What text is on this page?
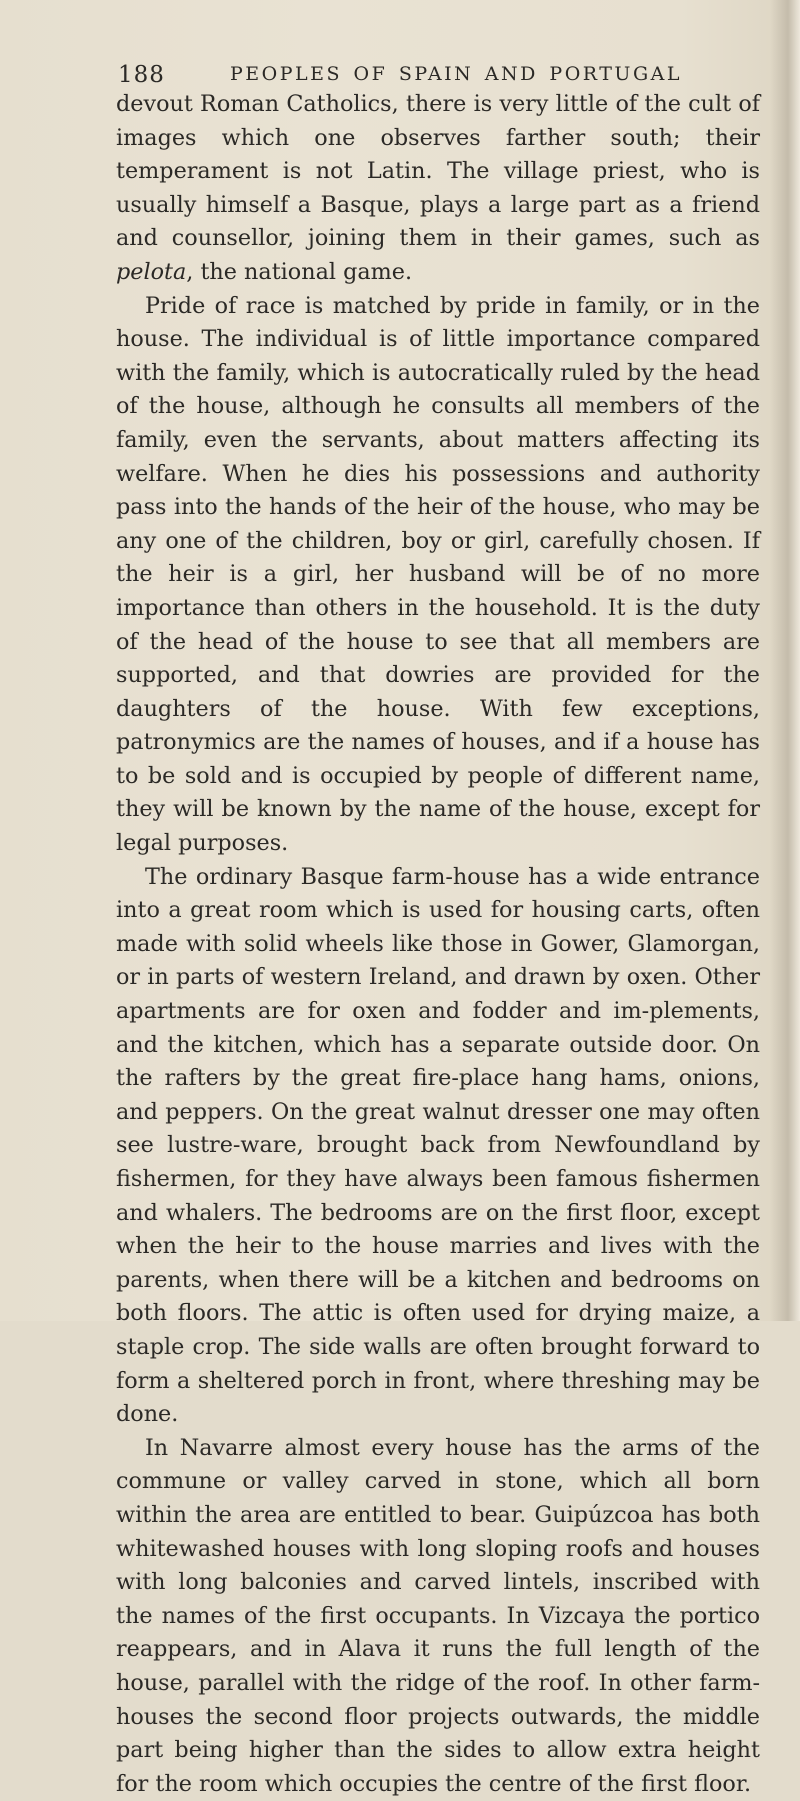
188	PEOPLES OF SPAIN AND PORTUGAL

devout Roman Catholics, there is very little of the cult of images which one observes farther south; their temperament is not Latin. The village priest, who is usually himself a Basque, plays a large part as a friend and counsellor, joining them in their games, such as pelota, the national game.

Pride of race is matched by pride in family, or in the house. The individual is of little importance compared with the family, which is autocratically ruled by the head of the house, although he consults all members of the family, even the servants, about matters affecting its welfare. When he dies his possessions and authority pass into the hands of the heir of the house, who may be any one of the children, boy or girl, carefully chosen. If the heir is a girl, her husband will be of no more importance than others in the household. It is the duty of the head of the house to see that all members are supported, and that dowries are provided for the daughters of the house. With few exceptions, patronymics are the names of houses, and if a house has to be sold and is occupied by people of different name, they will be known by the name of the house, except for legal purposes.

The ordinary Basque farm-house has a wide entrance into a great room which is used for housing carts, often made with solid wheels like those in Gower, Glamorgan, or in parts of western Ireland, and drawn by oxen. Other apartments are for oxen and fodder and im-plements, and the kitchen, which has a separate outside door. On the rafters by the great fire-place hang hams, onions, and peppers. On the great walnut dresser one may often see lustre-ware, brought back from Newfoundland by fishermen, for they have always been famous fishermen and whalers. The bedrooms are on the first floor, except when the heir to the house marries and lives with the parents, when there will be a kitchen and bedrooms on both floors. The attic is often used for drying maize, a staple crop. The side walls are often brought forward to form a sheltered porch in front, where threshing may be done.

In Navarre almost every house has the arms of the commune or valley carved in stone, which all born within the area are entitled to bear. Guipúzcoa has both whitewashed houses with long sloping roofs and houses with long balconies and carved lintels, inscribed with the names of the first occupants. In Vizcaya the portico reappears, and in Alava it runs the full length of the house, parallel with the ridge of the roof. In other farm-houses the second floor projects outwards, the middle part being higher than the sides to allow extra height for the room which occupies the centre of the first floor.
